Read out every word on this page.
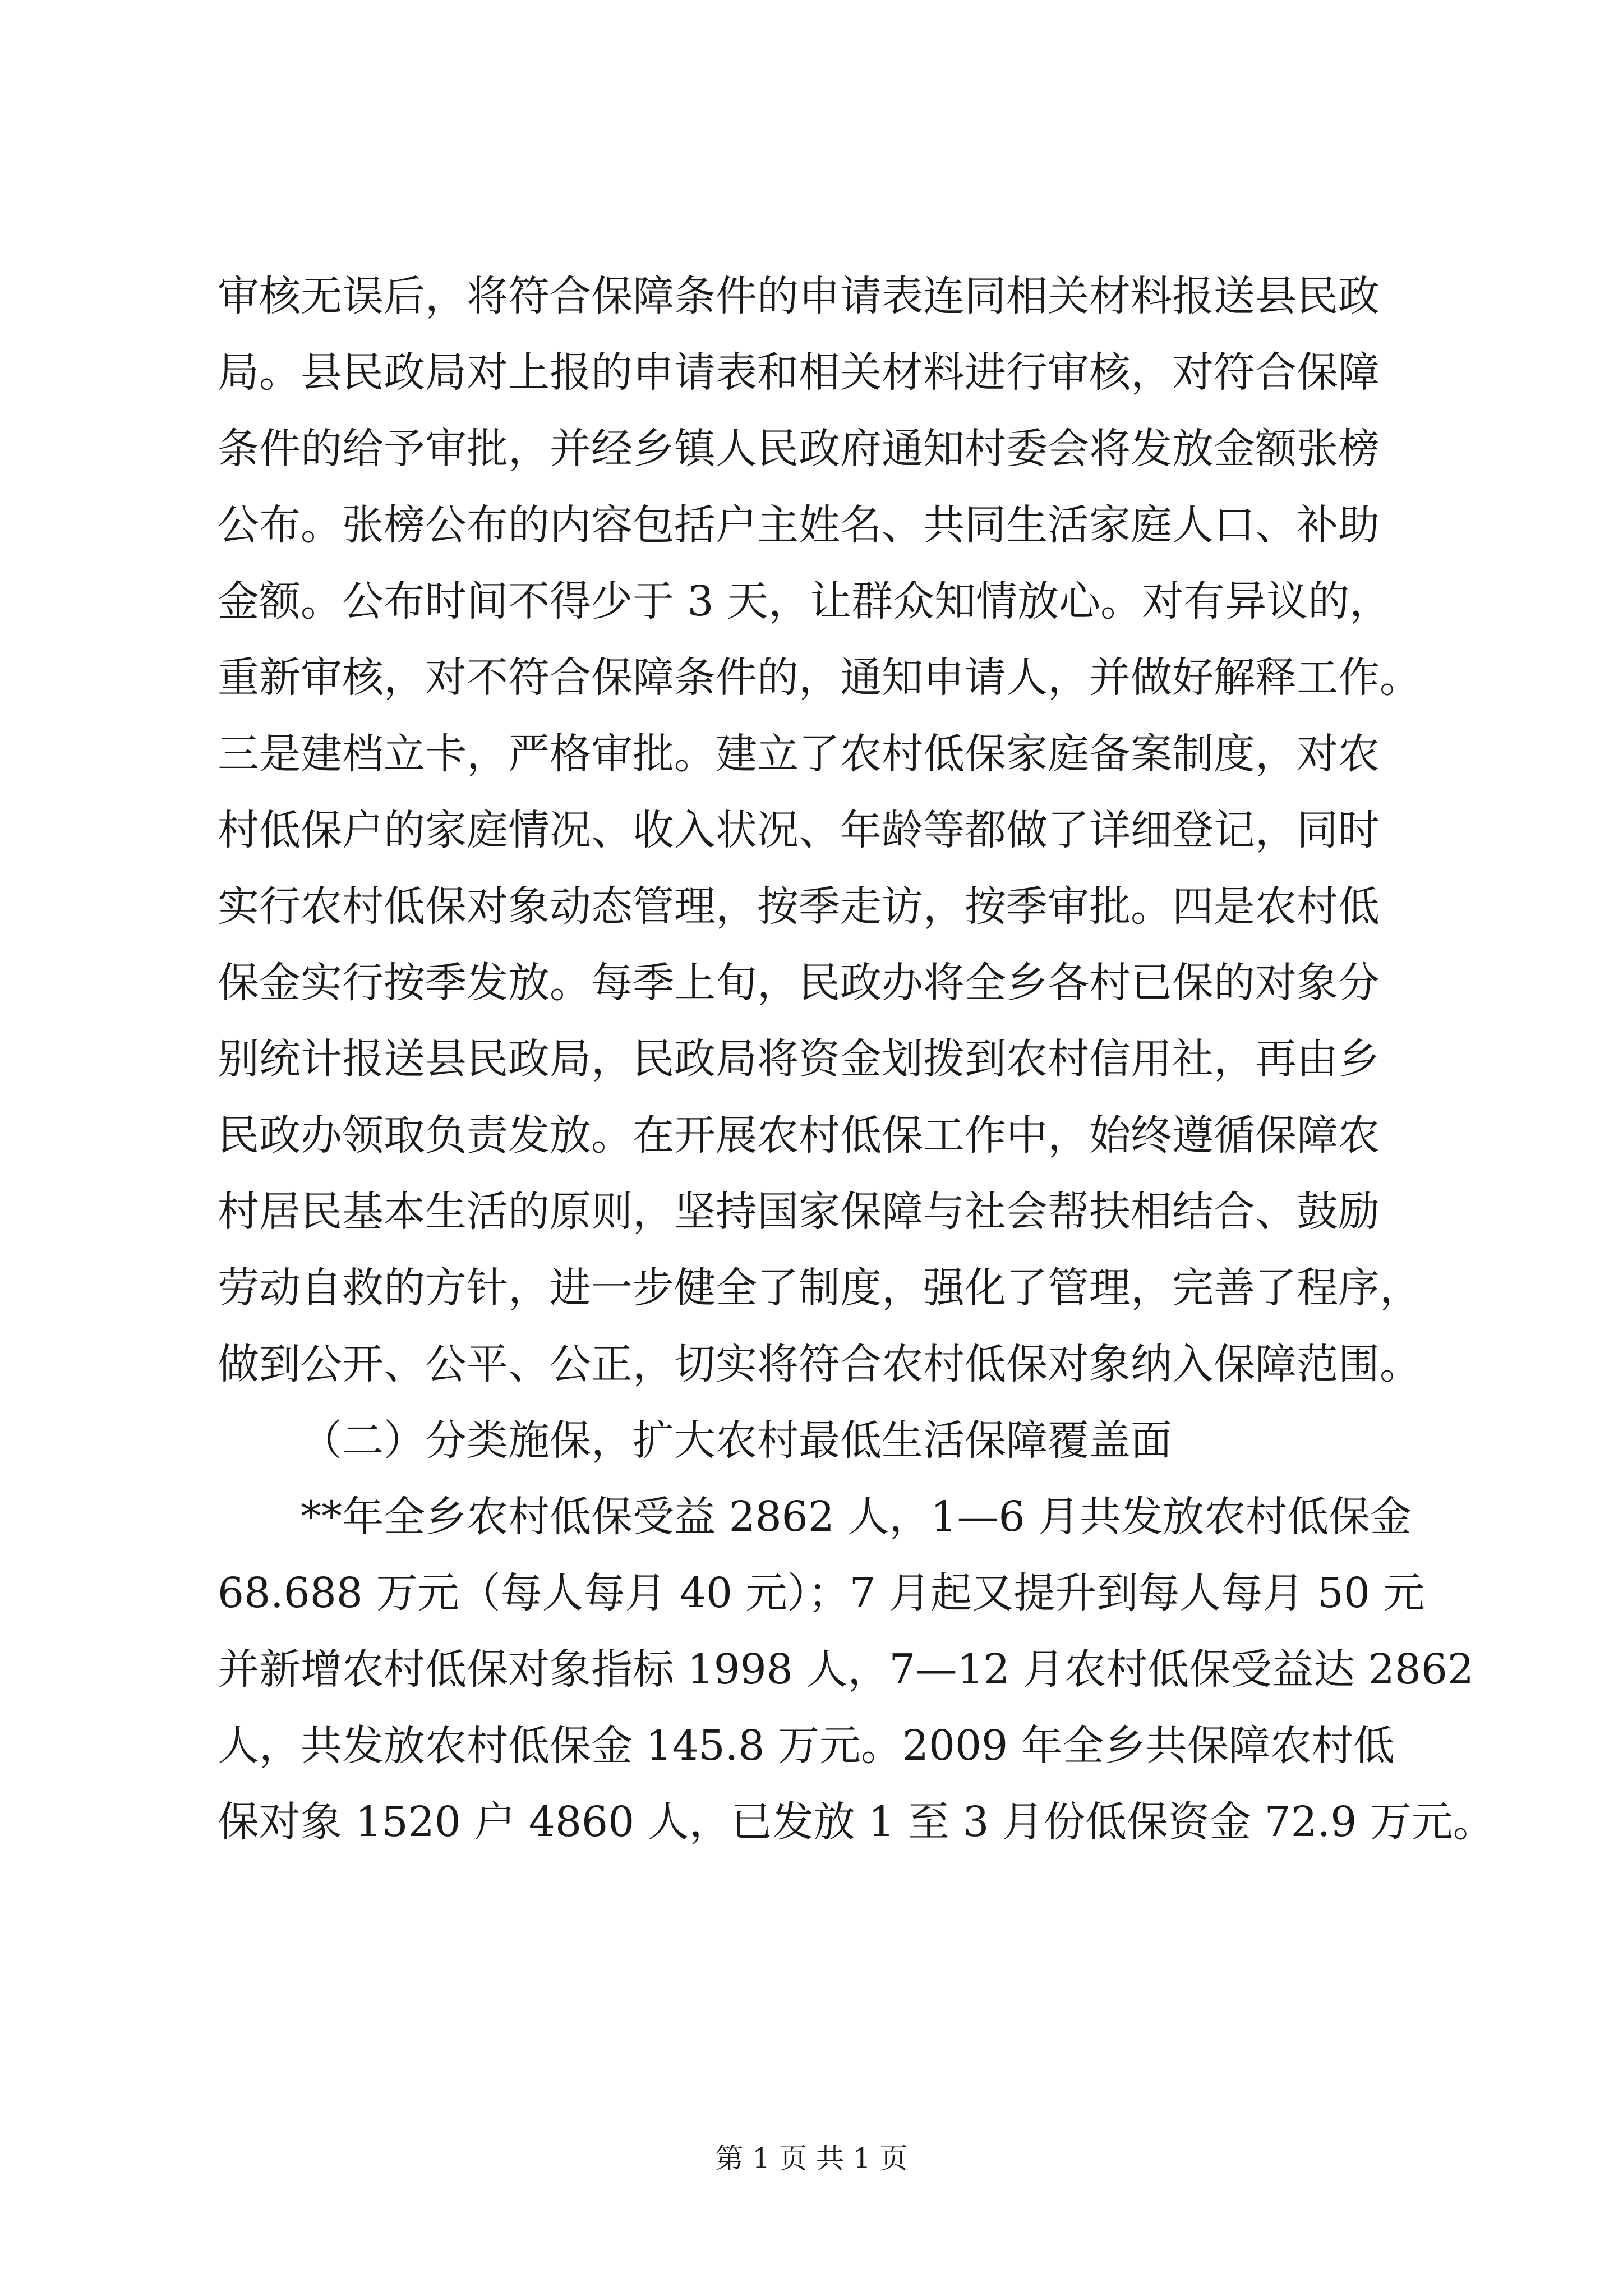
审核无误后，将符合保障条件的申请表连同相关材料报送县民政
局。县民政局对上报的申请表和相关材料进行审核，对符合保障
条件的给予审批，并经乡镇人民政府通知村委会将发放金额张榜
公布。张榜公布的内容包括户主姓名、共同生活家庭人口、补助
金额。公布时间不得少于 3 天，让群众知情放心。对有异议的，
重新审核，对不符合保障条件的，通知申请人，并做好解释工作。
三是建档立卡，严格审批。建立了农村低保家庭备案制度，对农
村低保户的家庭情况、收入状况、年龄等都做了详细登记，同时
实行农村低保对象动态管理，按季走访，按季审批。四是农村低
保金实行按季发放。每季上旬，民政办将全乡各村已保的对象分
别统计报送县民政局，民政局将资金划拨到农村信用社，再由乡
民政办领取负责发放。在开展农村低保工作中，始终遵循保障农
村居民基本生活的原则，坚持国家保障与社会帮扶相结合、鼓励
劳动自救的方针，进一步健全了制度，强化了管理，完善了程序，
做到公开、公平、公正，切实将符合农村低保对象纳入保障范围。
（二）分类施保，扩大农村最低生活保障覆盖面
**年全乡农村低保受益 2862 人，1—6 月共发放农村低保金
68.688 万元（每人每月 40 元）；7 月起又提升到每人每月 50 元
并新增农村低保对象指标 1998 人，7—12 月农村低保受益达 2862
人，共发放农村低保金 145.8 万元。2009 年全乡共保障农村低
保对象 1520 户 4860 人，已发放 1 至 3 月份低保资金 72.9 万元。
第 1 页 共 1 页
